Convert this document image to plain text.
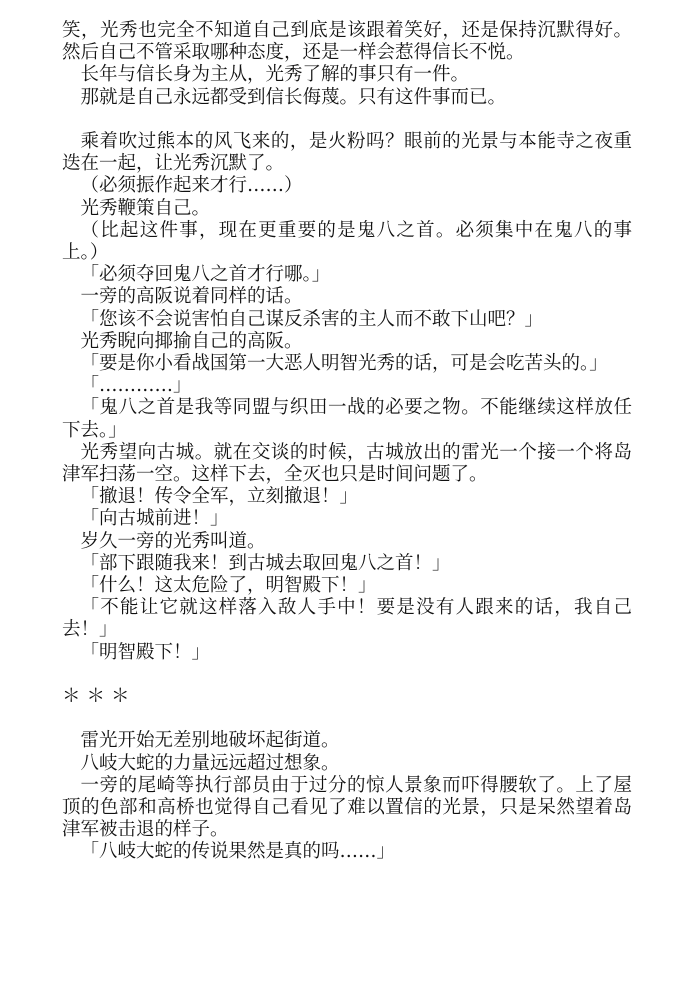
笑，光秀也完全不知道自己到底是该跟着笑好，还是保持沉默得好。然后自己不管采取哪种态度，还是一样会惹得信长不悦。

长年与信长身为主从，光秀了解的事只有一件。

那就是自己永远都受到信长侮蔑。只有这件事而已。

乘着吹过熊本的风飞来的，是火粉吗？眼前的光景与本能寺之夜重迭在一起，让光秀沉默了。

（必须振作起来才行……）

光秀鞭策自己。

（比起这件事，现在更重要的是鬼八之首。必须集中在鬼八的事上。）

「必须夺回鬼八之首才行哪。」

一旁的高阪说着同样的话。

「您该不会说害怕自己谋反杀害的主人而不敢下山吧？」

光秀睨向揶揄自己的高阪。

「要是你小看战国第一大恶人明智光秀的话，可是会吃苦头的。」

「…………」

「鬼八之首是我等同盟与织田一战的必要之物。不能继续这样放任下去。」

光秀望向古城。就在交谈的时候，古城放出的雷光一个接一个将岛津军扫荡一空。这样下去，全灭也只是时间问题了。

「撤退！传令全军，立刻撤退！」

「向古城前进！」

岁久一旁的光秀叫道。

「部下跟随我来！到古城去取回鬼八之首！」

「什么！这太危险了，明智殿下！」

「不能让它就这样落入敌人手中！要是没有人跟来的话，我自己去！」

「明智殿下！」

＊＊＊

雷光开始无差别地破坏起街道。

八岐大蛇的力量远远超过想象。

一旁的尾崎等执行部员由于过分的惊人景象而吓得腰软了。上了屋顶的色部和高桥也觉得自己看见了难以置信的光景，只是呆然望着岛津军被击退的样子。

「八岐大蛇的传说果然是真的吗……」
